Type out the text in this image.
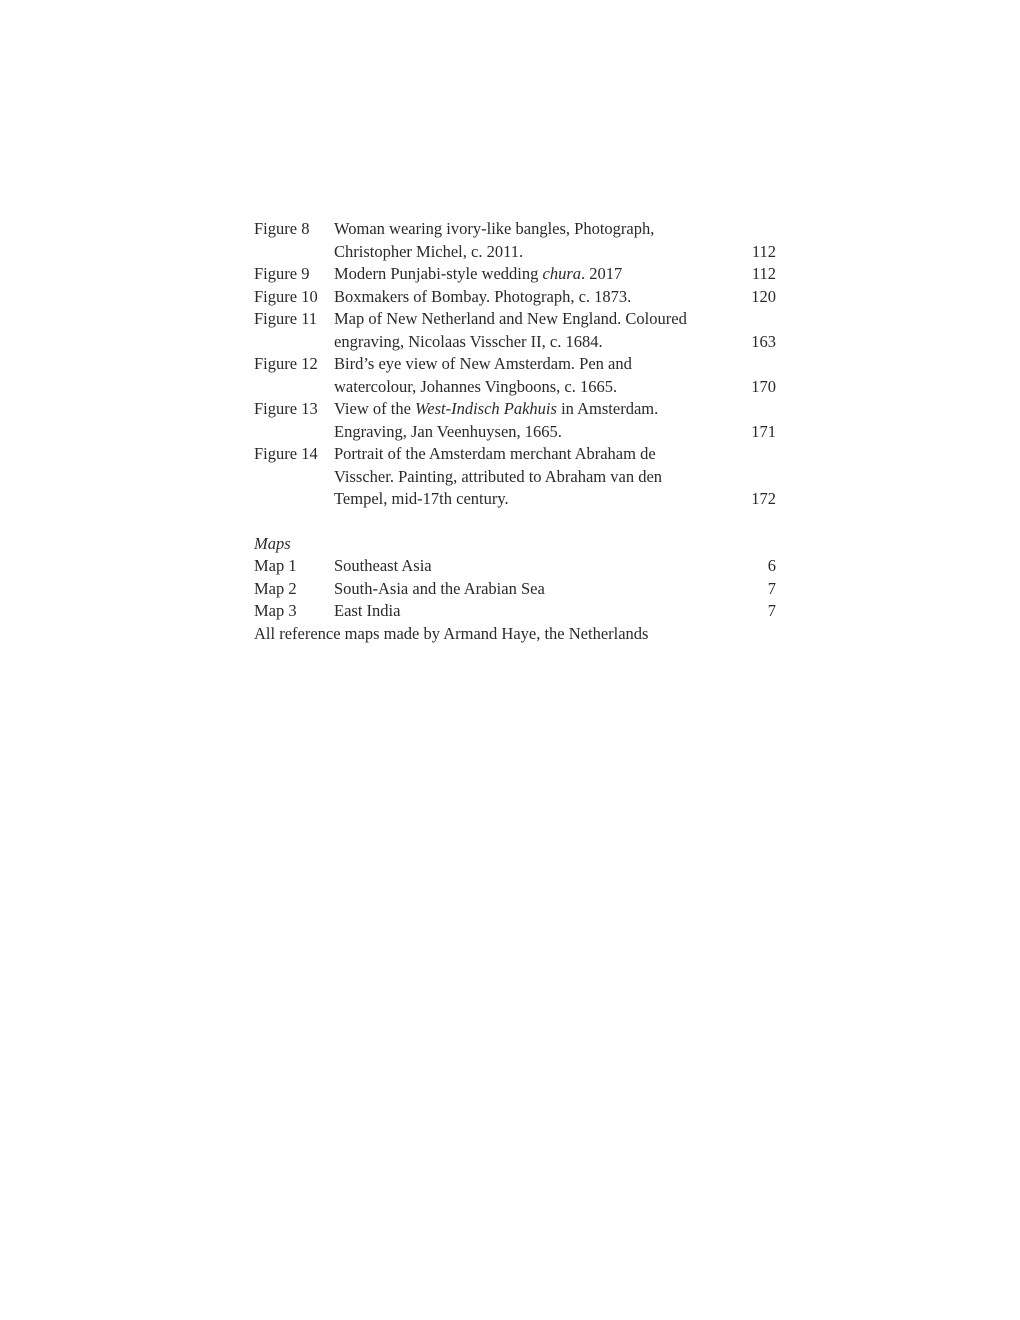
Figure 8	Woman wearing ivory-like bangles, Photograph,
Christopher Michel, c. 2011.	112
Figure 9	Modern Punjabi-style wedding chura. 2017	112
Figure 10 Boxmakers of Bombay. Photograph, c. 1873.	120
Figure 11	Map of New Netherland and New England. Coloured
engraving, Nicolaas Visscher II, c. 1684.	163
Figure 12 Bird’s eye view of New Amsterdam. Pen and
watercolour, Johannes Vingboons, c. 1665.	170
Figure 13 View of the West-Indisch Pakhuis in Amsterdam.
Engraving, Jan Veenhuysen, 1665.	171
Figure 14 Portrait of the Amsterdam merchant Abraham de
Visscher. Painting, attributed to Abraham van den
Tempel, mid-17th century.	172
Maps
Map 1	Southeast Asia	6
Map 2	South-Asia and the Arabian Sea	7
Map 3	East India	7
All reference maps made by Armand Haye, the Netherlands
